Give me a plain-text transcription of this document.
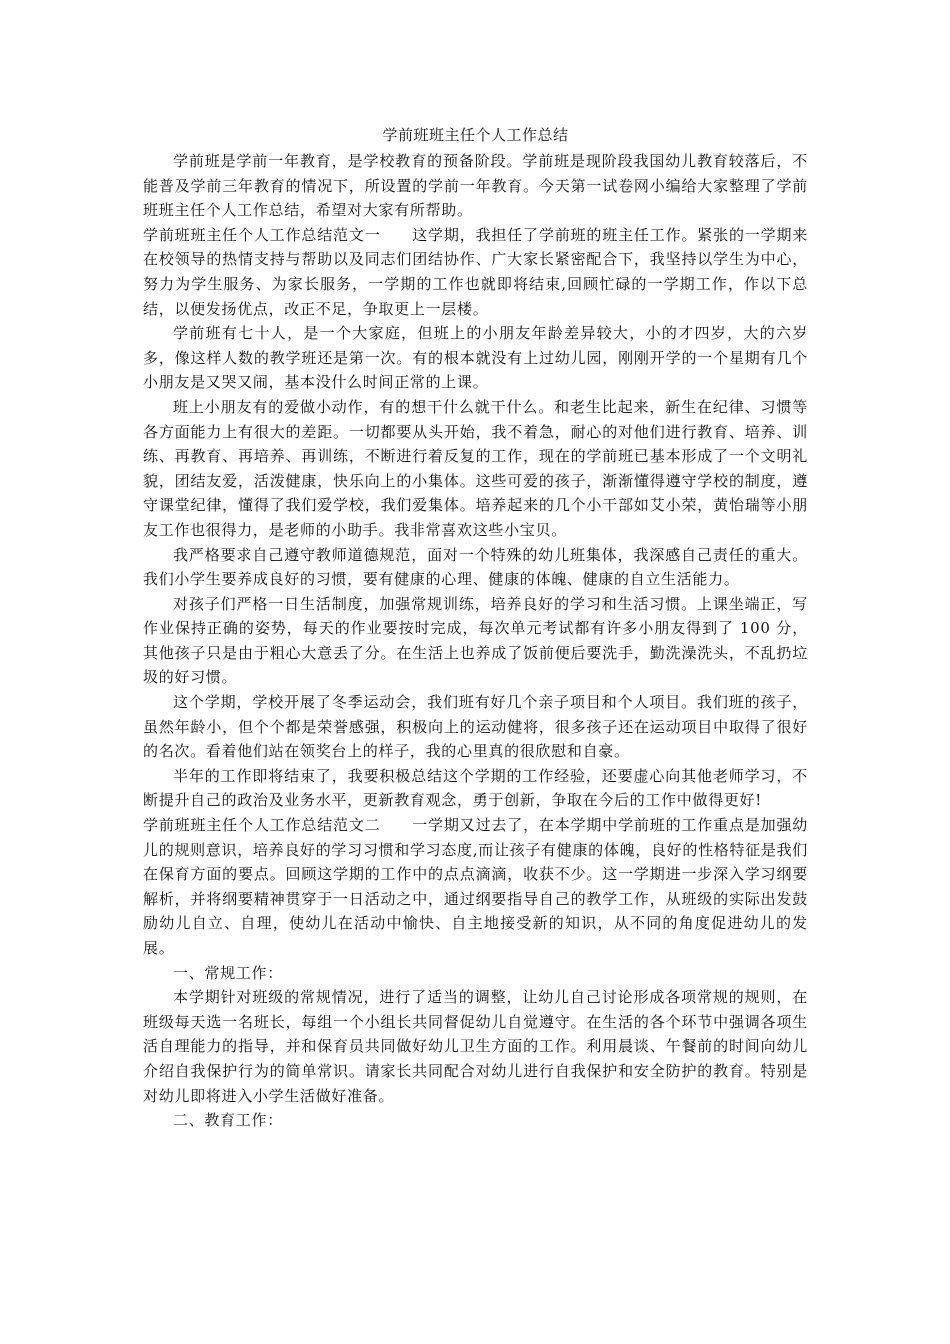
学前班班主任个人工作总结

学前班是学前一年教育，是学校教育的预备阶段。学前班是现阶段我国幼儿教育较落后，不能普及学前三年教育的情况下，所设置的学前一年教育。今天第一试卷网小编给大家整理了学前班班主任个人工作总结，希望对大家有所帮助。

学前班班主任个人工作总结范文一　　这学期，我担任了学前班的班主任工作。紧张的一学期来在校领导的热情支持与帮助以及同志们团结协作、广大家长紧密配合下，我坚持以学生为中心，努力为学生服务、为家长服务，一学期的工作也就即将结束,回顾忙碌的一学期工作，作以下总结，以便发扬优点，改正不足，争取更上一层楼。

学前班有七十人，是一个大家庭，但班上的小朋友年龄差异较大，小的才四岁，大的六岁多，像这样人数的教学班还是第一次。有的根本就没有上过幼儿园，刚刚开学的一个星期有几个小朋友是又哭又闹，基本没什么时间正常的上课。

班上小朋友有的爱做小动作，有的想干什么就干什么。和老生比起来，新生在纪律、习惯等各方面能力上有很大的差距。一切都要从头开始，我不着急，耐心的对他们进行教育、培养、训练、再教育、再培养、再训练，不断进行着反复的工作，现在的学前班已基本形成了一个文明礼貌，团结友爱，活泼健康，快乐向上的小集体。这些可爱的孩子，渐渐懂得遵守学校的制度，遵守课堂纪律，懂得了我们爱学校，我们爱集体。培养起来的几个小干部如艾小荣，黄怡瑞等小朋友工作也很得力，是老师的小助手。我非常喜欢这些小宝贝。

我严格要求自己遵守教师道德规范，面对一个特殊的幼儿班集体，我深感自己责任的重大。我们小学生要养成良好的习惯，要有健康的心理、健康的体魄、健康的自立生活能力。

对孩子们严格一日生活制度，加强常规训练，培养良好的学习和生活习惯。上课坐端正，写作业保持正确的姿势，每天的作业要按时完成，每次单元考试都有许多小朋友得到了 100 分，其他孩子只是由于粗心大意丢了分。在生活上也养成了饭前便后要洗手，勤洗澡洗头，不乱扔垃圾的好习惯。

这个学期，学校开展了冬季运动会，我们班有好几个亲子项目和个人项目。我们班的孩子，虽然年龄小，但个个都是荣誉感强，积极向上的运动健将，很多孩子还在运动项目中取得了很好的名次。看着他们站在领奖台上的样子，我的心里真的很欣慰和自豪。

半年的工作即将结束了，我要积极总结这个学期的工作经验，还要虚心向其他老师学习，不断提升自己的政治及业务水平，更新教育观念，勇于创新，争取在今后的工作中做得更好!

学前班班主任个人工作总结范文二　　一学期又过去了，在本学期中学前班的工作重点是加强幼儿的规则意识，培养良好的学习习惯和学习态度,而让孩子有健康的体魄，良好的性格特征是我们在保育方面的要点。回顾这学期的工作中的点点滴滴，收获不少。这一学期进一步深入学习纲要解析，并将纲要精神贯穿于一日活动之中，通过纲要指导自己的教学工作，从班级的实际出发鼓励幼儿自立、自理，使幼儿在活动中愉快、自主地接受新的知识，从不同的角度促进幼儿的发展。

一、常规工作：

本学期针对班级的常规情况，进行了适当的调整，让幼儿自己讨论形成各项常规的规则，在班级每天选一名班长，每组一个小组长共同督促幼儿自觉遵守。在生活的各个环节中强调各项生活自理能力的指导，并和保育员共同做好幼儿卫生方面的工作。利用晨谈、午餐前的时间向幼儿介绍自我保护行为的简单常识。请家长共同配合对幼儿进行自我保护和安全防护的教育。特别是对幼儿即将进入小学生活做好准备。

二、教育工作：
